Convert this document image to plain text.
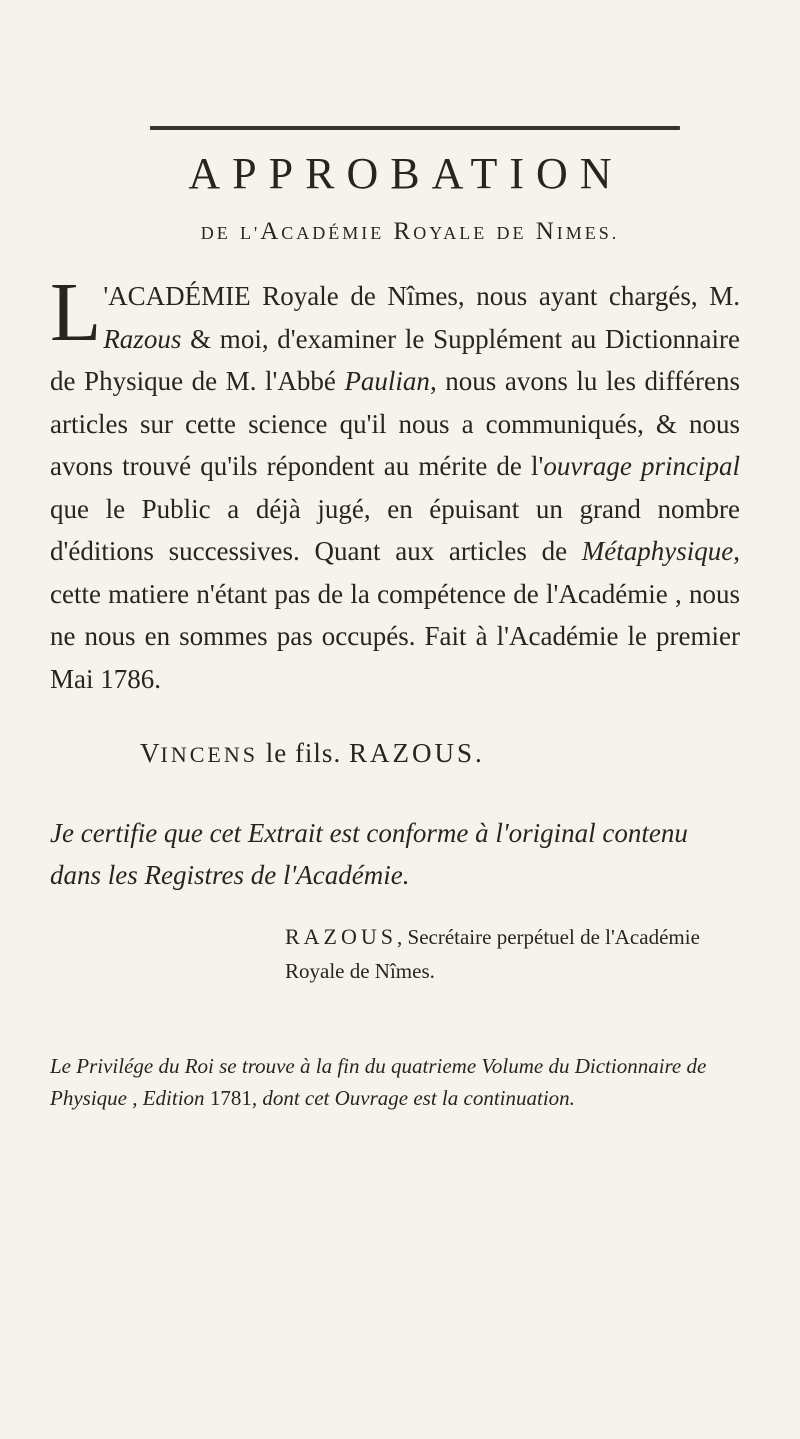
APPROBATION
DE L'ACADÉMIE ROYALE DE NIMES.
L 'ACADÉMIE Royale de Nîmes, nous ayant chargés, M. Razous & moi, d'examiner le Supplément au Dictionnaire de Physique de M. l'Abbé Paulian, nous avons lu les différens articles sur cette science qu'il nous a communiqués, & nous avons trouvé qu'ils répondent au mérite de l'ouvrage principal que le Public a déjà jugé, en épuisant un grand nombre d'éditions successives. Quant aux articles de Métaphysique, cette matiere n'étant pas de la compétence de l'Académie , nous ne nous en sommes pas occupés. Fait à l'Académie le premier Mai 1786.
VINCENS le fils. RAZOUS.
Je certifie que cet Extrait est conforme à l'original contenu dans les Registres de l'Académie.
RAZOUS, Secrétaire perpétuel de l'Académie Royale de Nîmes.
Le Privilége du Roi se trouve à la fin du quatrieme Volume du Dictionnaire de Physique , Edition 1781, dont cet Ouvrage est la continuation.
